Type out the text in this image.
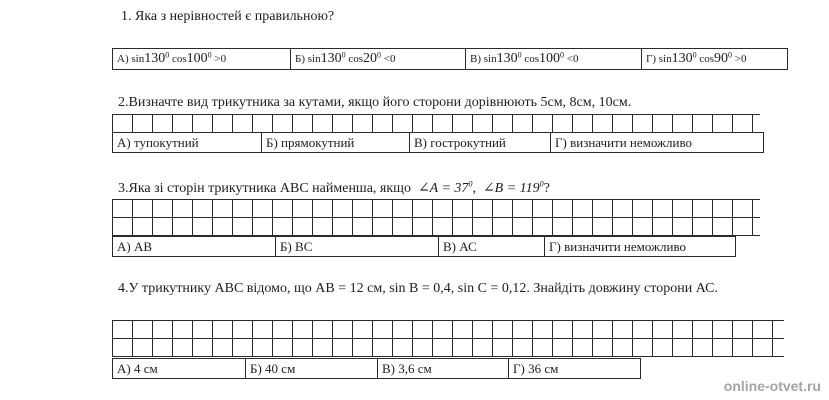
1. Яка з нерівностей є правильною?
А) $\sin 130^0$ $\cos 100^0 >0$	Б) $\sin 130^0$ $\cos 20^0 <0$	В) $\sin 130^0$ $\cos 100^0 <0$	Г) $\sin 130^0$ $\cos 90^0 >0$
2.Визначте вид трикутника за кутами, якщо його сторони дорівнюють 5см, 8см, 10см.
А) тупокутний	Б) прямокутний	В) гострокутний	Г) визначити неможливо
3.Яка зі сторін трикутника АВС найменша, якщо ∠A = $37^0$, ∠B = $119^0$?
А) АВ	Б) ВС	В) АС	Г) визначити неможливо
4.У трикутнику АВС відомо, що АВ = 12 см, sin B = 0,4, sin C = 0,12. Знайдіть довжину сторони АС.
А) 4 см	Б) 40 см	В) 3,6 см	Г) 36 см
online-otvet.ru
